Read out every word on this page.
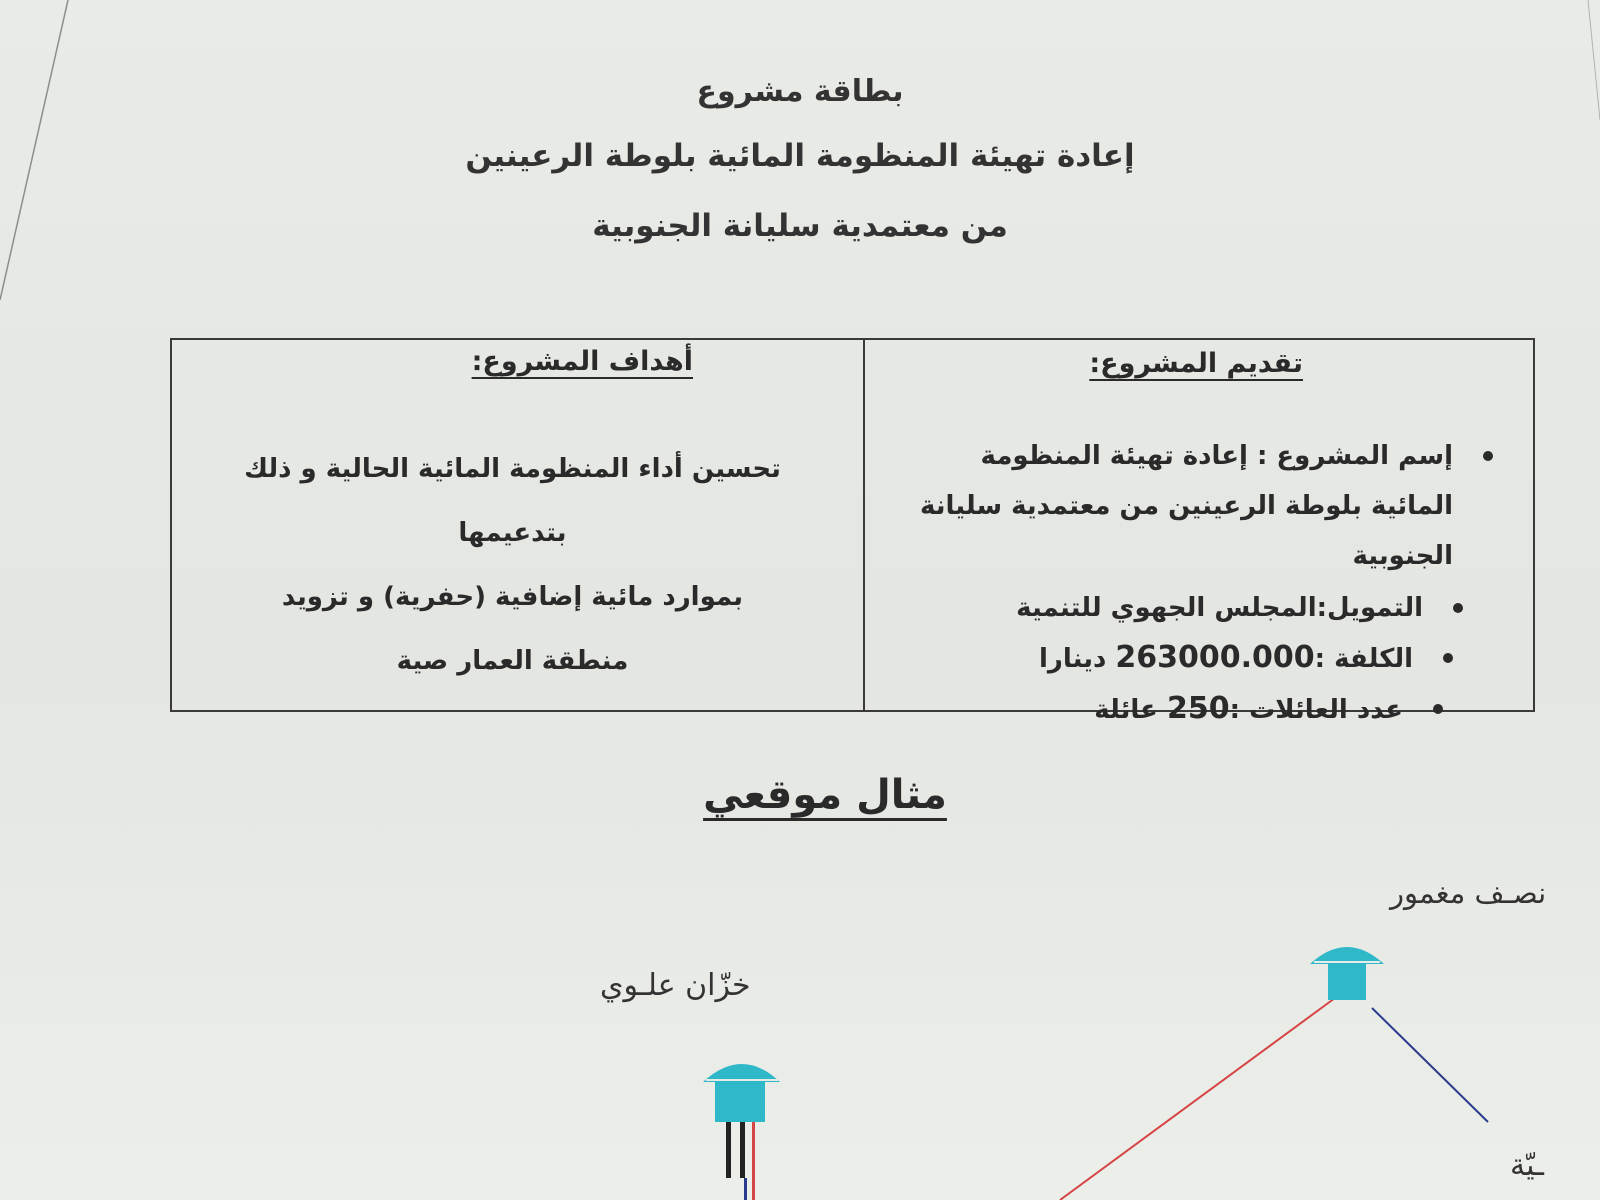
بطاقة مشروع
إعادة تهيئة المنظومة المائية بلوطة الرعينين
من معتمدية سليانة الجنوبية

تقديم المشروع:

إسم المشروع : إعادة تهيئة المنظومة المائية بلوطة الرعينين من معتمدية سليانة الجنوبية
التمويل:المجلس الجهوي للتنمية
الكلفة :263000.000 دينارا
عدد العائلات :250 عائلة

أهداف المشروع:

تحسين أداء المنظومة المائية الحالية و ذلك
بتدعيمها
بموارد مائية إضافية (حفرية) و تزويد
منطقة العمار صية
مثال موقعي
خزّان علـوي
نصـف مغمور
ـيّة
